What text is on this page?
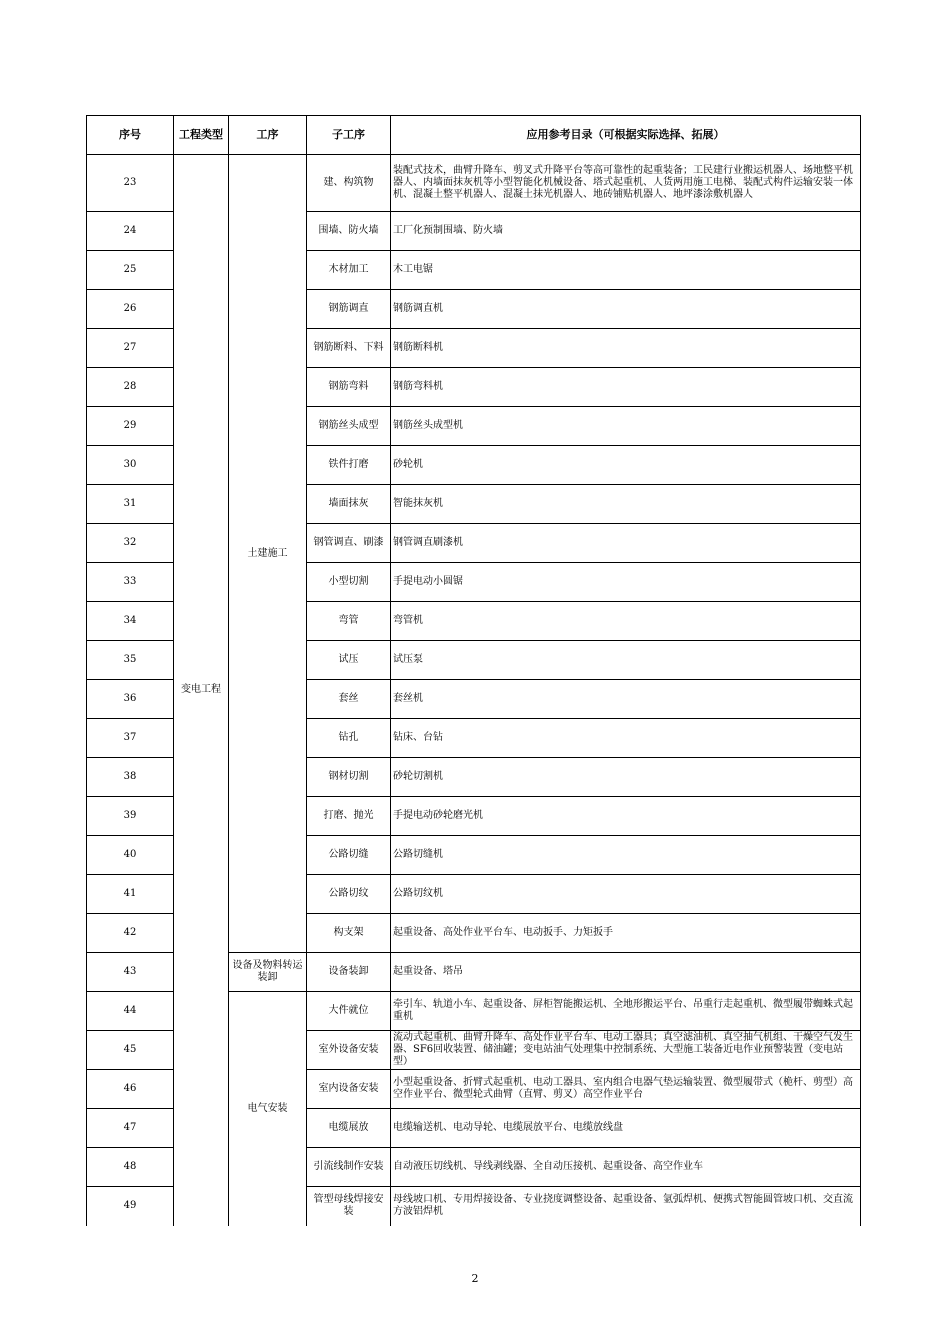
序号	工程类型	工序	子工序	应用参考目录（可根据实际选择、拓展）
23	变电工程	土建施工	建、构筑物	装配式技术，曲臂升降车、剪叉式升降平台等高可靠性的起重装备；工民建行业搬运机器人、场地整平机器人、内墙面抹灰机等小型智能化机械设备、塔式起重机、人货两用施工电梯、装配式构件运输安装一体机、混凝土整平机器人、混凝土抹光机器人、地砖铺贴机器人、地坪漆涂敷机器人
24			围墙、防火墙	工厂化预制围墙、防火墙
25			木材加工	木工电锯
26			钢筋调直	钢筋调直机
27			钢筋断料、下料	钢筋断料机
28			钢筋弯料	钢筋弯料机
29			钢筋丝头成型	钢筋丝头成型机
30			铁件打磨	砂轮机
31			墙面抹灰	智能抹灰机
32			钢管调直、刷漆	钢管调直刷漆机
33			小型切割	手提电动小圆锯
34			弯管	弯管机
35			试压	试压泵
36			套丝	套丝机
37			钻孔	钻床、台钻
38			钢材切割	砂轮切割机
39			打磨、抛光	手提电动砂轮磨光机
40			公路切缝	公路切缝机
41			公路切纹	公路切纹机
42			构支架	起重设备、高处作业平台车、电动扳手、力矩扳手
43		设备及物料转运装卸	设备装卸	起重设备、塔吊
44		电气安装	大件就位	牵引车、轨道小车、起重设备、屏柜智能搬运机、全地形搬运平台、吊重行走起重机、微型履带蜘蛛式起重机
45			室外设备安装	流动式起重机、曲臂升降车、高处作业平台车、电动工器具；真空滤油机、真空抽气机组、干燥空气发生器、SF6回收装置、储油罐；变电站油气处理集中控制系统、大型施工装备近电作业预警装置（变电站型）
46			室内设备安装	小型起重设备、折臂式起重机、电动工器具、室内组合电器气垫运输装置、微型履带式（桅杆、剪型）高空作业平台、微型轮式曲臂（直臂、剪叉）高空作业平台
47			电缆展放	电缆输送机、电动导轮、电缆展放平台、电缆放线盘
48			引流线制作安装	自动液压切线机、导线剥线器、全自动压接机、起重设备、高空作业车
49			管型母线焊接安装	母线坡口机、专用焊接设备、专业挠度调整设备、起重设备、氩弧焊机、便携式智能圆管坡口机、交直流方波铝焊机
2
